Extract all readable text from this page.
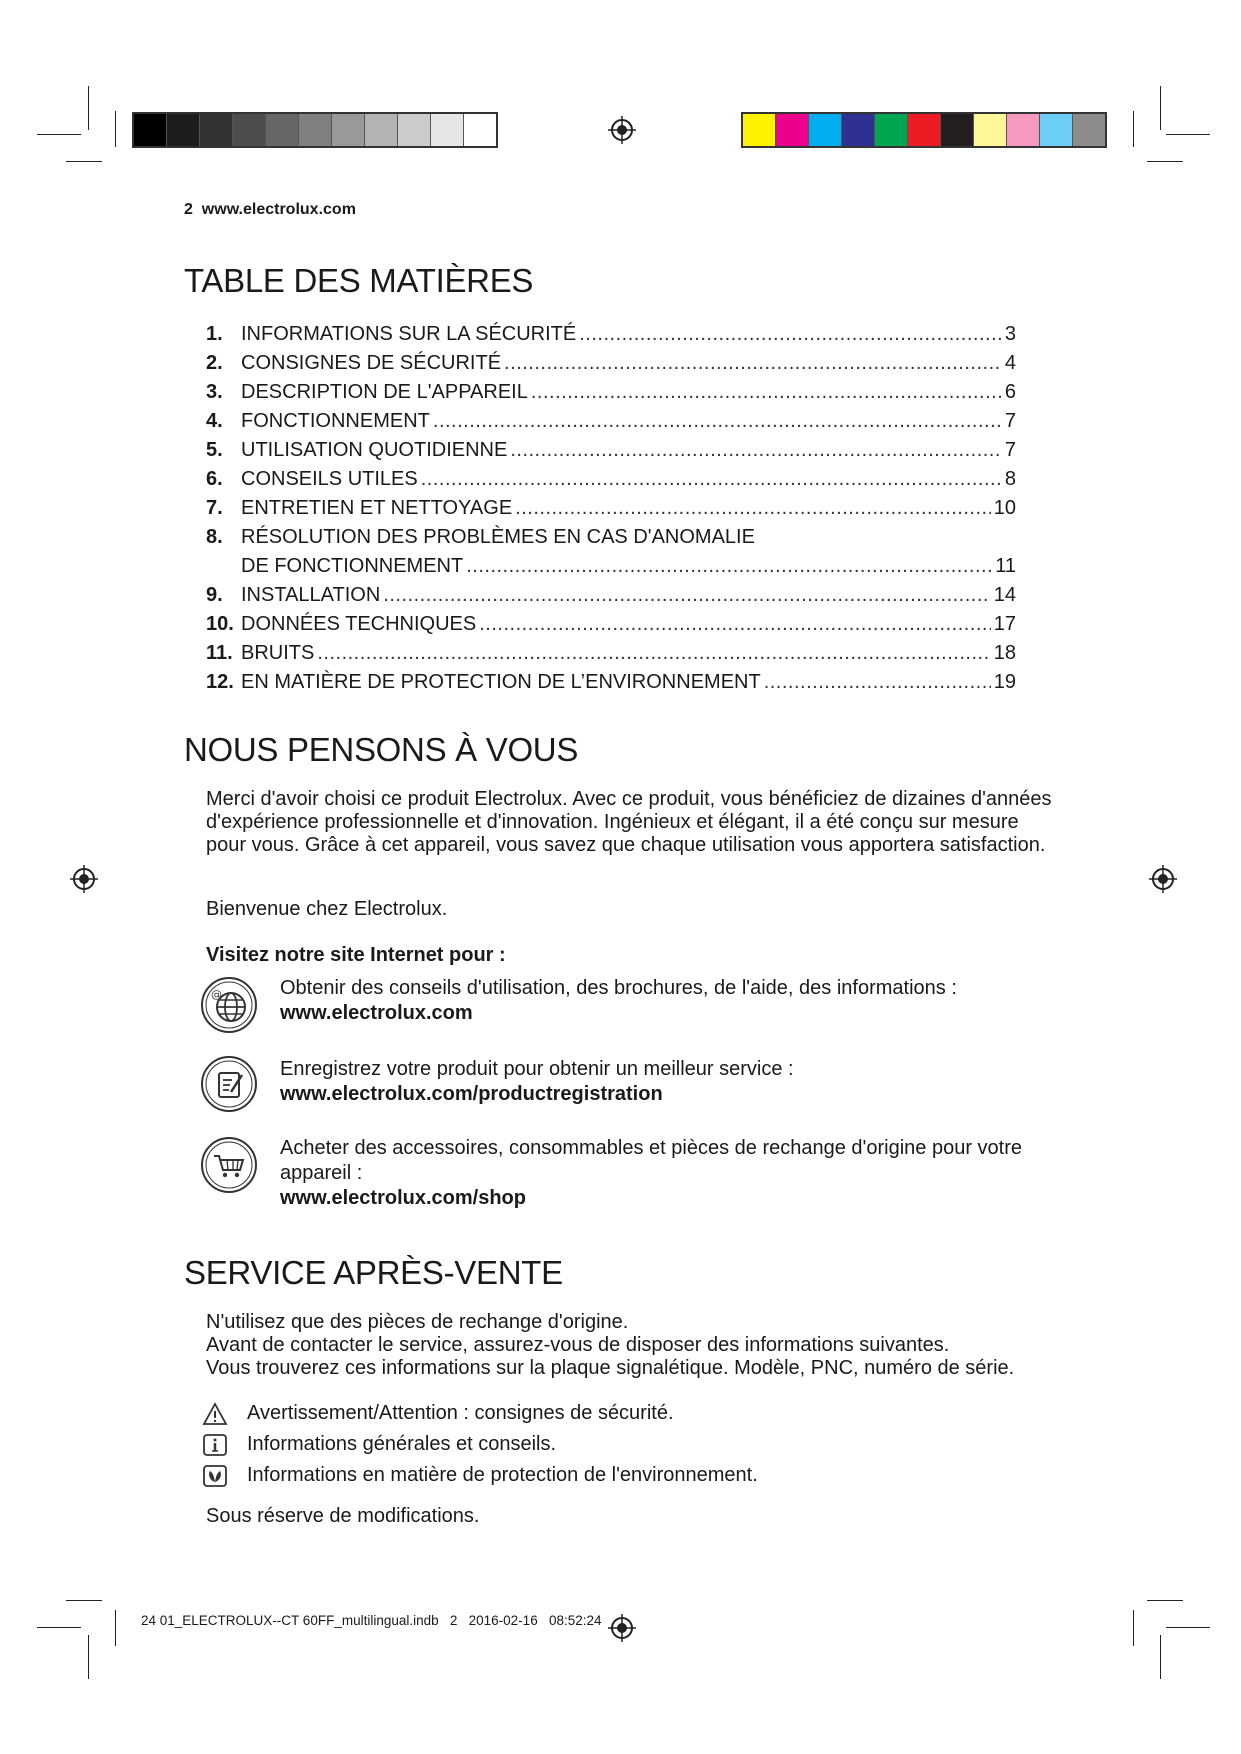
2 www.electrolux.com
TABLE DES MATIÈRES
1. INFORMATIONS SUR LA SÉCURITÉ .....	3
2. CONSIGNES DE SÉCURITÉ .....	4
3. DESCRIPTION DE L'APPAREIL .....	6
4. FONCTIONNEMENT .....	7
5. UTILISATION QUOTIDIENNE .....	7
6. CONSEILS UTILES .....	8
7. ENTRETIEN ET NETTOYAGE .....	10
8. RÉSOLUTION DES PROBLÈMES EN CAS D'ANOMALIE
DE FONCTIONNEMENT .....	11
9. INSTALLATION .....	14
10. DONNÉES TECHNIQUES .....	17
11. BRUITS .....	18
12. EN MATIÈRE DE PROTECTION DE L’ENVIRONNEMENT .....	19
NOUS PENSONS À VOUS
Merci d'avoir choisi ce produit Electrolux. Avec ce produit, vous bénéficiez de dizaines d'années d'expérience professionnelle et d'innovation. Ingénieux et élégant, il a été conçu sur mesure pour vous. Grâce à cet appareil, vous savez que chaque utilisation vous apportera satisfaction.
Bienvenue chez Electrolux.
Visitez notre site Internet pour :
@	Obtenir des conseils d'utilisation, des brochures, de l'aide, des informations :
www.electrolux.com
Enregistrez votre produit pour obtenir un meilleur service :
www.electrolux.com/productregistration
Acheter des accessoires, consommables et pièces de rechange d'origine pour votre appareil :
www.electrolux.com/shop
SERVICE APRÈS-VENTE
N'utilisez que des pièces de rechange d'origine.
Avant de contacter le service, assurez-vous de disposer des informations suivantes.
Vous trouverez ces informations sur la plaque signalétique. Modèle, PNC, numéro de série.
Avertissement/Attention : consignes de sécurité.
Informations générales et conseils.
Informations en matière de protection de l'environnement.
Sous réserve de modifications.
24 01_ELECTROLUX--CT 60FF_multilingual.indb   2   2016-02-16   08:52:24
